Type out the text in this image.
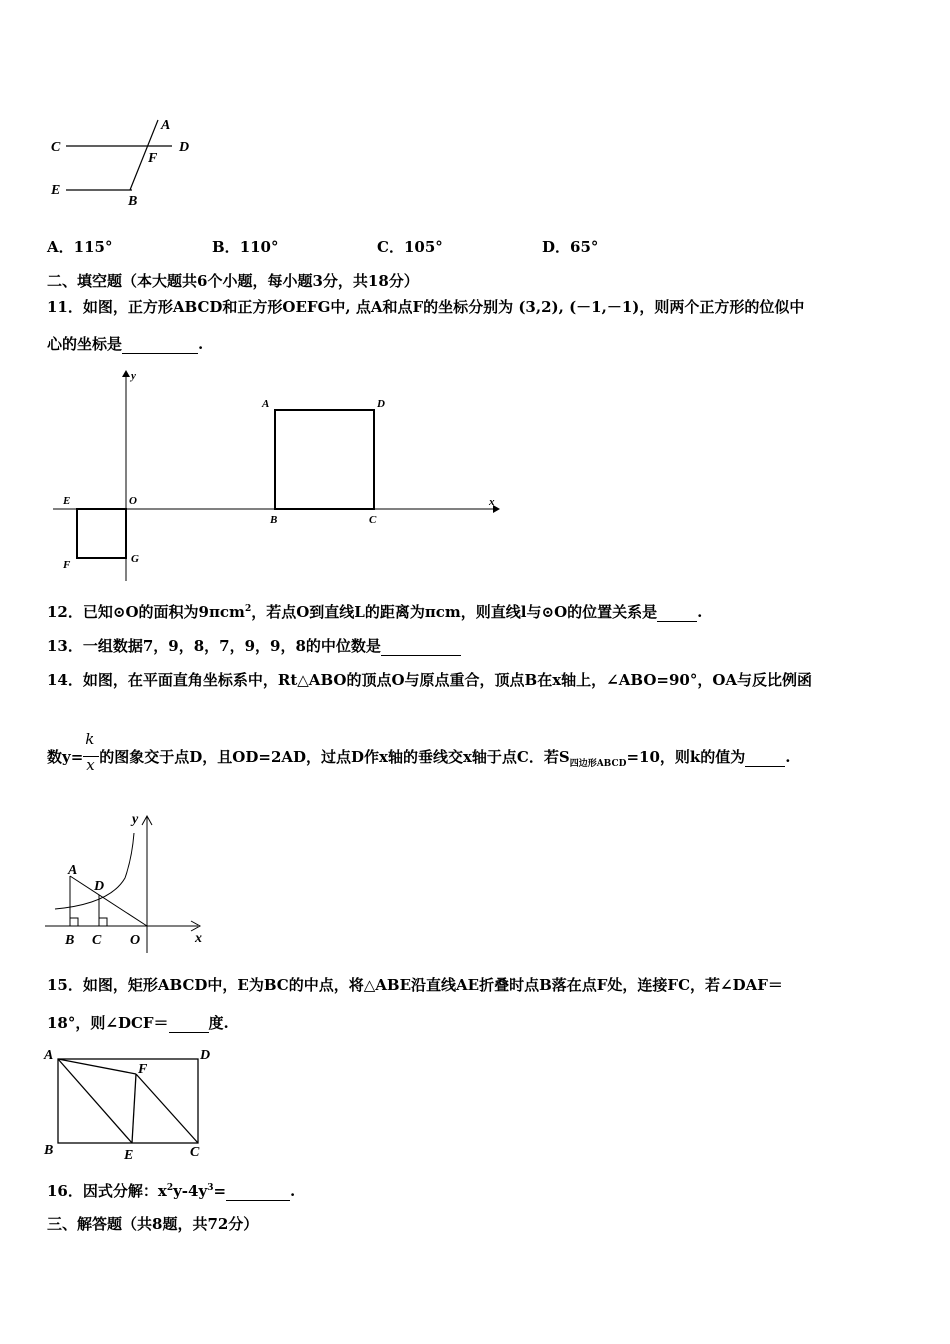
A
C	D
F
E
B
A．115°	B．110°	C．105°	D．65°
二、填空题（本大题共6个小题，每小题3分，共18分）
11．如图，正方形ABCD和正方形OEFG中, 点A和点F的坐标分别为 (3,2), (－1,－1)，则两个正方形的位似中
心的坐标是	.
y
x
A	D
B	C
E	O
F	G
12．已知⊙O的面积为9πcm$^2$，若点O到直线L的距离为πcm，则直线l与⊙O的位置关系是	.
13．一组数据7，9，8，7，9，9，8的中位数是
14．如图，在平面直角坐标系中，Rt△ABO的顶点O与原点重合，顶点B在x轴上，∠ABO=90°，OA与反比例函
数$y= \frac{k}{x}$ 的图象交于点D，且OD=2AD，过点D作x轴的垂线交x轴于点C．若$S_{四边形ABCD}=10$，则k的值为	.
y
x
A
D
B C O
15．如图，矩形ABCD中，E为BC的中点，将△ABE沿直线AE折叠时点B落在点F处，连接FC，若∠DAF＝
18°，则∠DCF＝	度.
A	D
F
B	E	C
16．因式分解：$x^2y-4y^3=$	.
三、解答题（共8题，共72分）
